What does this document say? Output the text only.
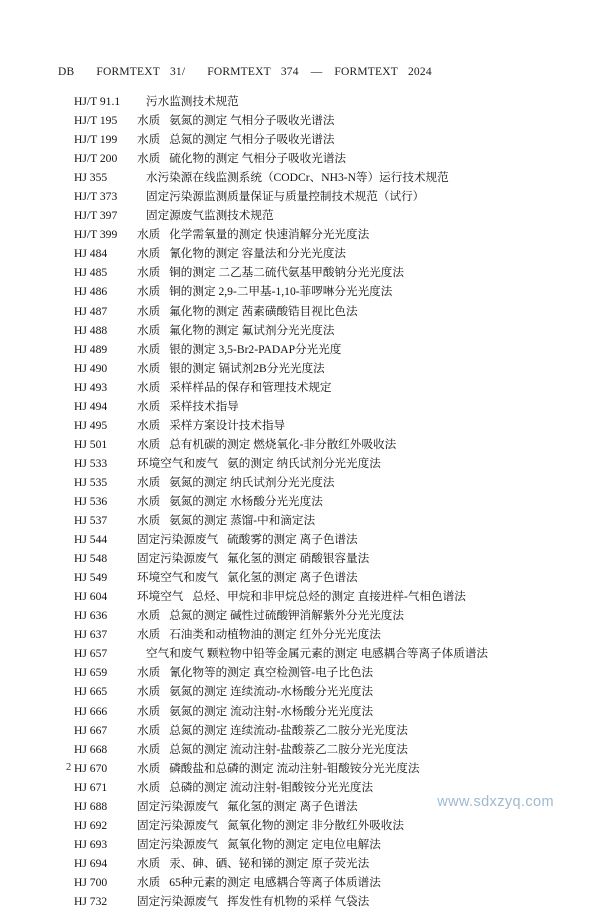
DB FORMTEXT 31/ FORMTEXT 374 — FORMTEXT 2024
HJ/T 91.1 污水监测技术规范
HJ/T 195 水质 氨氮的测定 气相分子吸收光谱法
HJ/T 199 水质 总氮的测定 气相分子吸收光谱法
HJ/T 200 水质 硫化物的测定 气相分子吸收光谱法
HJ 355	水污染源在线监测系统（CODCr、NH3-N等）运行技术规范
HJ/T 373 固定污染源监测质量保证与质量控制技术规范（试行）
HJ/T 397 固定源废气监测技术规范
HJ/T 399 水质 化学需氧量的测定 快速消解分光光度法
HJ 484	水质 氰化物的测定 容量法和分光光度法
HJ 485	水质 铜的测定 二乙基二硫代氨基甲酸钠分光光度法
HJ 486	水质 铜的测定 2,9-二甲基-1,10-菲啰啉分光光度法
HJ 487	水质 氟化物的测定 茜素磺酸锆目视比色法
HJ 488	水质 氟化物的测定 氟试剂分光光度法
HJ 489	水质 银的测定 3,5-Br2-PADAP分光光度
HJ 490	水质 银的测定 镉试剂2B分光光度法
HJ 493	水质 采样样品的保存和管理技术规定
HJ 494	水质 采样技术指导
HJ 495	水质 采样方案设计技术指导
HJ 501	水质 总有机碳的测定 燃烧氧化-非分散红外吸收法
HJ 533	环境空气和废气 氨的测定 纳氏试剂分光光度法
HJ 535	水质 氨氮的测定 纳氏试剂分光光度法
HJ 536	水质 氨氮的测定 水杨酸分光光度法
HJ 537	水质 氨氮的测定 蒸馏-中和滴定法
HJ 544	固定污染源废气 硫酸雾的测定 离子色谱法
HJ 548	固定污染源废气 氟化氢的测定 硝酸银容量法
HJ 549	环境空气和废气 氯化氢的测定 离子色谱法
HJ 604	环境空气 总烃、甲烷和非甲烷总烃的测定 直接进样-气相色谱法
HJ 636	水质 总氮的测定 碱性过硫酸钾消解紫外分光光度法
HJ 637	水质 石油类和动植物油的测定 红外分光光度法
HJ 657	空气和废气 颗粒物中铅等金属元素的测定 电感耦合等离子体质谱法
HJ 659	水质 氰化物等的测定 真空检测管-电子比色法
HJ 665	水质 氨氮的测定 连续流动-水杨酸分光光度法
HJ 666	水质 氨氮的测定 流动注射-水杨酸分光光度法
HJ 667	水质 总氮的测定 连续流动-盐酸萘乙二胺分光光度法
HJ 668	水质 总氮的测定 流动注射-盐酸萘乙二胺分光光度法
HJ 670	水质 磷酸盐和总磷的测定 流动注射-钼酸铵分光光度法
HJ 671	水质 总磷的测定 流动注射-钼酸铵分光光度法
HJ 688	固定污染源废气 氟化氢的测定 离子色谱法
HJ 692	固定污染源废气 氮氧化物的测定 非分散红外吸收法
HJ 693	固定污染源废气 氮氧化物的测定 定电位电解法
HJ 694	水质 汞、砷、硒、铋和锑的测定 原子荧光法
HJ 700	水质 65种元素的测定 电感耦合等离子体质谱法
HJ 732	固定污染源废气 挥发性有机物的采样 气袋法
2
www.sdxzyq.com
